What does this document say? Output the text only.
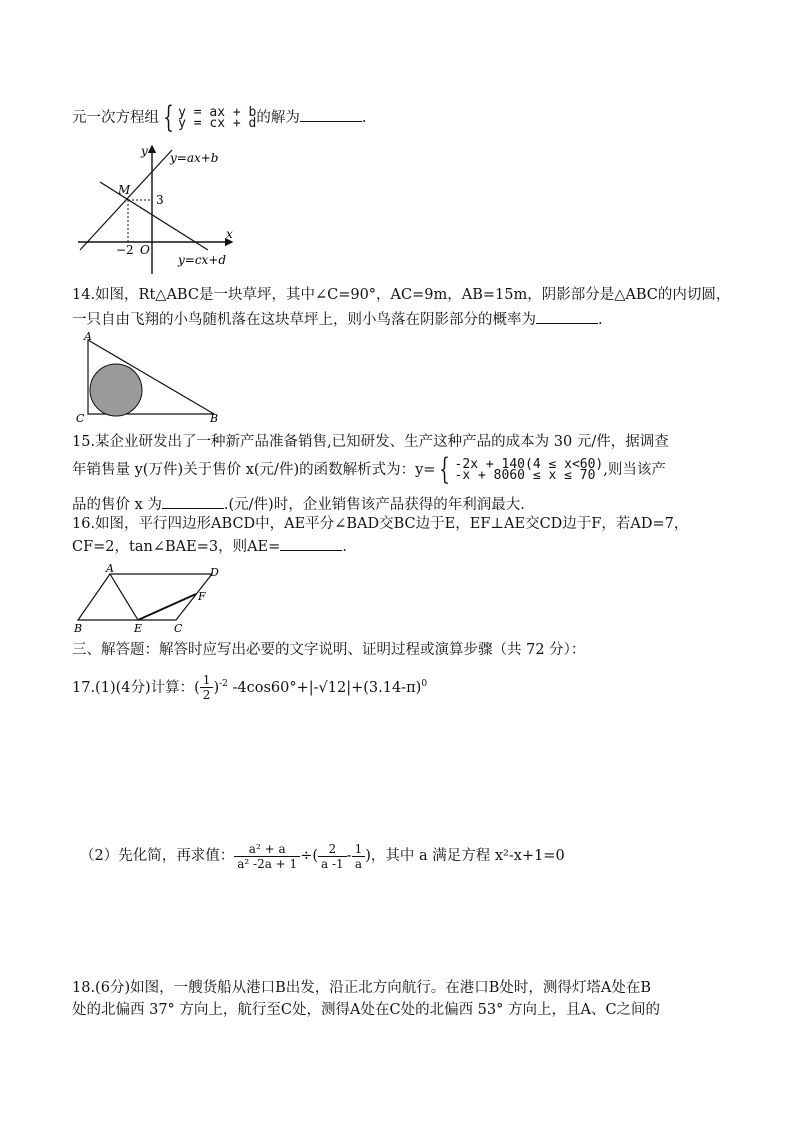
元一次方程组 { y = ax + b
y = cx + d 的解为	.
y
x
O
−2
3
M
y=ax+b
y=cx+d
14.如图，Rt△ABC是一块草坪，其中∠C=90°，AC=9m，AB=15m，阴影部分是△ABC的内切圆，
一只自由飞翔的小鸟随机落在这块草坪上，则小鸟落在阴影部分的概率为	.
A
C	B
15.某企业研发出了一种新产品准备销售,已知研发、生产这种产品的成本为 30 元/件，据调查
年销售量 y(万件)关于售价 x(元/件)的函数解析式为：y= { -2x + 140(4 ≤ x<60)
-x + 8060 ≤ x ≤ 70 ,则当该产
品的售价 x 为	.(元/件)时，企业销售该产品获得的年利润最大.
16.如图，平行四边形ABCD中，AE平分∠BAD交BC边于E，EF⊥AE交CD边于F，若AD=7，
CF=2，tan∠BAE=3，则AE=	.
A	D
B	C
E
F
三、解答题：解答时应写出必要的文字说明、证明过程或演算步骤（共 72 分）：
17.(1)(4分)计算：( $\frac{1}{2} )^{-2}$ $-4\cos 60^\circ+|-√12|+(3.14-\pi)^0$
（2）先化简，再求值： $\frac{\text{a² + a}}{\text{a² -2a + 1}}$ ÷( $\frac{2}{a -1} - \frac{1}{a}$ )，其中 a 满足方程 x²-x+1=0
18.(6分)如图，一艘货船从港口B出发，沿正北方向航行。在港口B处时，测得灯塔A处在B
处的北偏西 37° 方向上，航行至C处，测得A处在C处的北偏西 53° 方向上，且A、C之间的
